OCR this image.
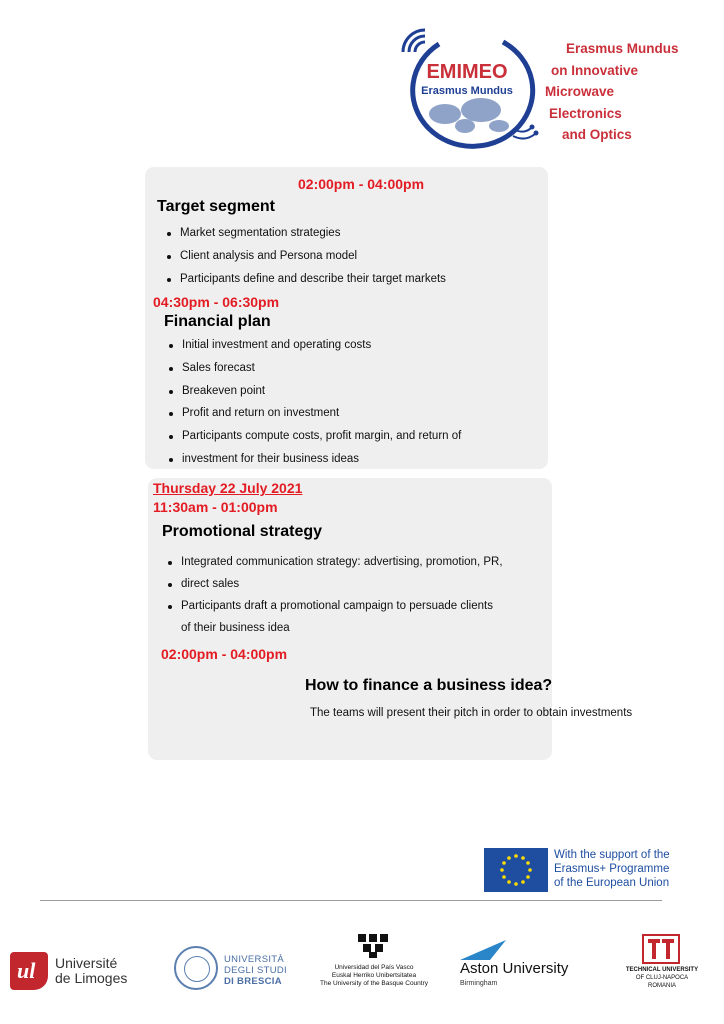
EMIMEO
Erasmus Mundus
Erasmus Mundus
on Innovative
Microwave
Electronics
and Optics
02:00pm - 04:00pm
Target segment
Market segmentation strategies
Client analysis and Persona model
Participants define and describe their target markets
04:30pm - 06:30pm
Financial plan
Initial investment and operating costs
Sales forecast
Breakeven point
Profit and return on investment
Participants compute costs, profit margin, and return of
investment for their business ideas
Thursday 22 July 2021
11:30am - 01:00pm
Promotional strategy
Integrated communication strategy: advertising, promotion, PR,
direct sales
Participants draft a promotional campaign to persuade clients
of their business idea
02:00pm - 04:00pm
How to finance a business idea?
The teams will present their pitch in order to obtain investments
With the support of the
Erasmus+ Programme
of the European Union
ul Université
de Limoges
UNIVERSITÀ
DEGLI STUDI
DI BRESCIA
Universidad del País Vasco
Euskal Herriko Unibertsitatea
The University of the Basque Country
Aston University
Birmingham
TECHNICAL UNIVERSITY
OF CLUJ-NAPOCA
ROMANIA
